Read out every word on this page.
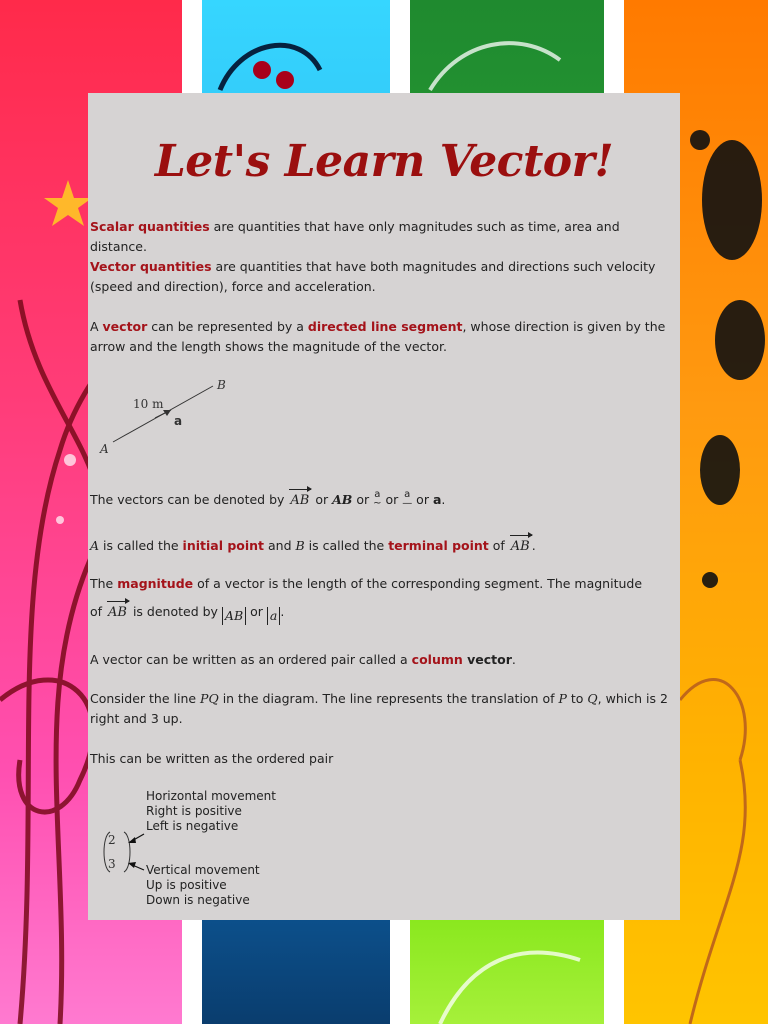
Let's Learn Vector!
Scalar quantities are quantities that have only magnitudes such as time, area and distance.
Vector quantities are quantities that have both magnitudes and directions such velocity (speed and direction), force and acceleration.
A vector can be represented by a directed line segment, whose direction is given by the arrow and the length shows the magnitude of the vector.
A
B
10 m
a
The vectors can be denoted by AB or AB or a
~ or a
— or a.
A is called the initial point and B is called the terminal point of AB .
The magnitude of a vector is the length of the corresponding segment. The magnitude
of AB is denoted by AB or a .
A vector can be written as an ordered pair called a column vector.
Consider the line PQ in the diagram. The line represents the translation of P to Q, which is 2 right and 3 up.
This can be written as the ordered pair
Horizontal movement
Right is positive
Left is negative
2
3	Vertical movement
Up is positive
Down is negative
